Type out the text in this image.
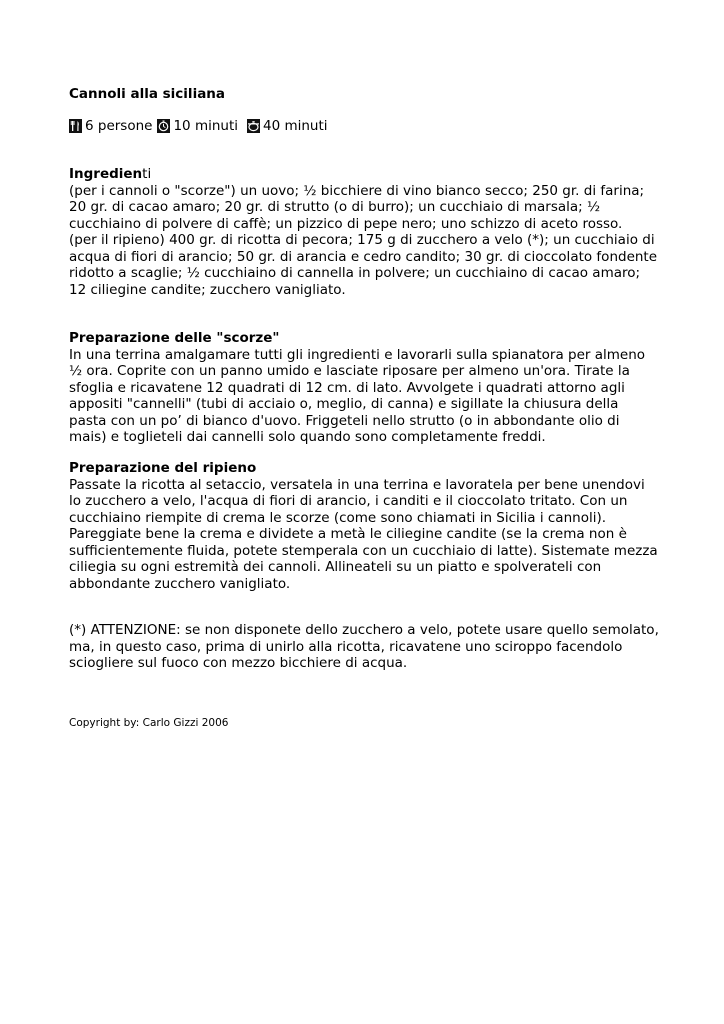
Cannoli alla siciliana
6 persone 10 minuti 40 minuti

Ingredienti

(per i cannoli o "scorze") un uovo; ½ bicchiere di vino bianco secco; 250 gr. di farina; 20 gr. di cacao amaro; 20 gr. di strutto (o di burro); un cucchiaio di marsala; ½ cucchiaino di polvere di caffè; un pizzico di pepe nero; uno schizzo di aceto rosso.

(per il ripieno) 400 gr. di ricotta di pecora; 175 g di zucchero a velo (*); un cucchiaio di acqua di fiori di arancio; 50 gr. di arancia e cedro candito; 30 gr. di cioccolato fondente ridotto a scaglie; ½ cucchiaino di cannella in polvere; un cucchiaino di cacao amaro; 12 ciliegine candite; zucchero vanigliato.

Preparazione delle "scorze"

In una terrina amalgamare tutti gli ingredienti e lavorarli sulla spianatora per almeno ½ ora. Coprite con un panno umido e lasciate riposare per almeno un'ora. Tirate la sfoglia e ricavatene 12 quadrati di 12 cm. di lato. Avvolgete i quadrati attorno agli appositi "cannelli" (tubi di acciaio o, meglio, di canna) e sigillate la chiusura della pasta con un po’ di bianco d'uovo. Friggeteli nello strutto (o in abbondante olio di mais) e toglieteli dai cannelli solo quando sono completamente freddi.

Preparazione del ripieno

Passate la ricotta al setaccio, versatela in una terrina e lavoratela per bene unendovi lo zucchero a velo, l'acqua di fiori di arancio, i canditi e il cioccolato tritato. Con un cucchiaino riempite di crema le scorze (come sono chiamati in Sicilia i cannoli). Pareggiate bene la crema e dividete a metà le ciliegine candite (se la crema non è sufficientemente fluida, potete stemperala con un cucchiaio di latte). Sistemate mezza ciliegia su ogni estremità dei cannoli. Allineateli su un piatto e spolverateli con abbondante zucchero vanigliato.

(*) ATTENZIONE: se non disponete dello zucchero a velo, potete usare quello semolato, ma, in questo caso, prima di unirlo alla ricotta, ricavatene uno sciroppo facendolo sciogliere sul fuoco con mezzo bicchiere di acqua.

Copyright by: Carlo Gizzi 2006
